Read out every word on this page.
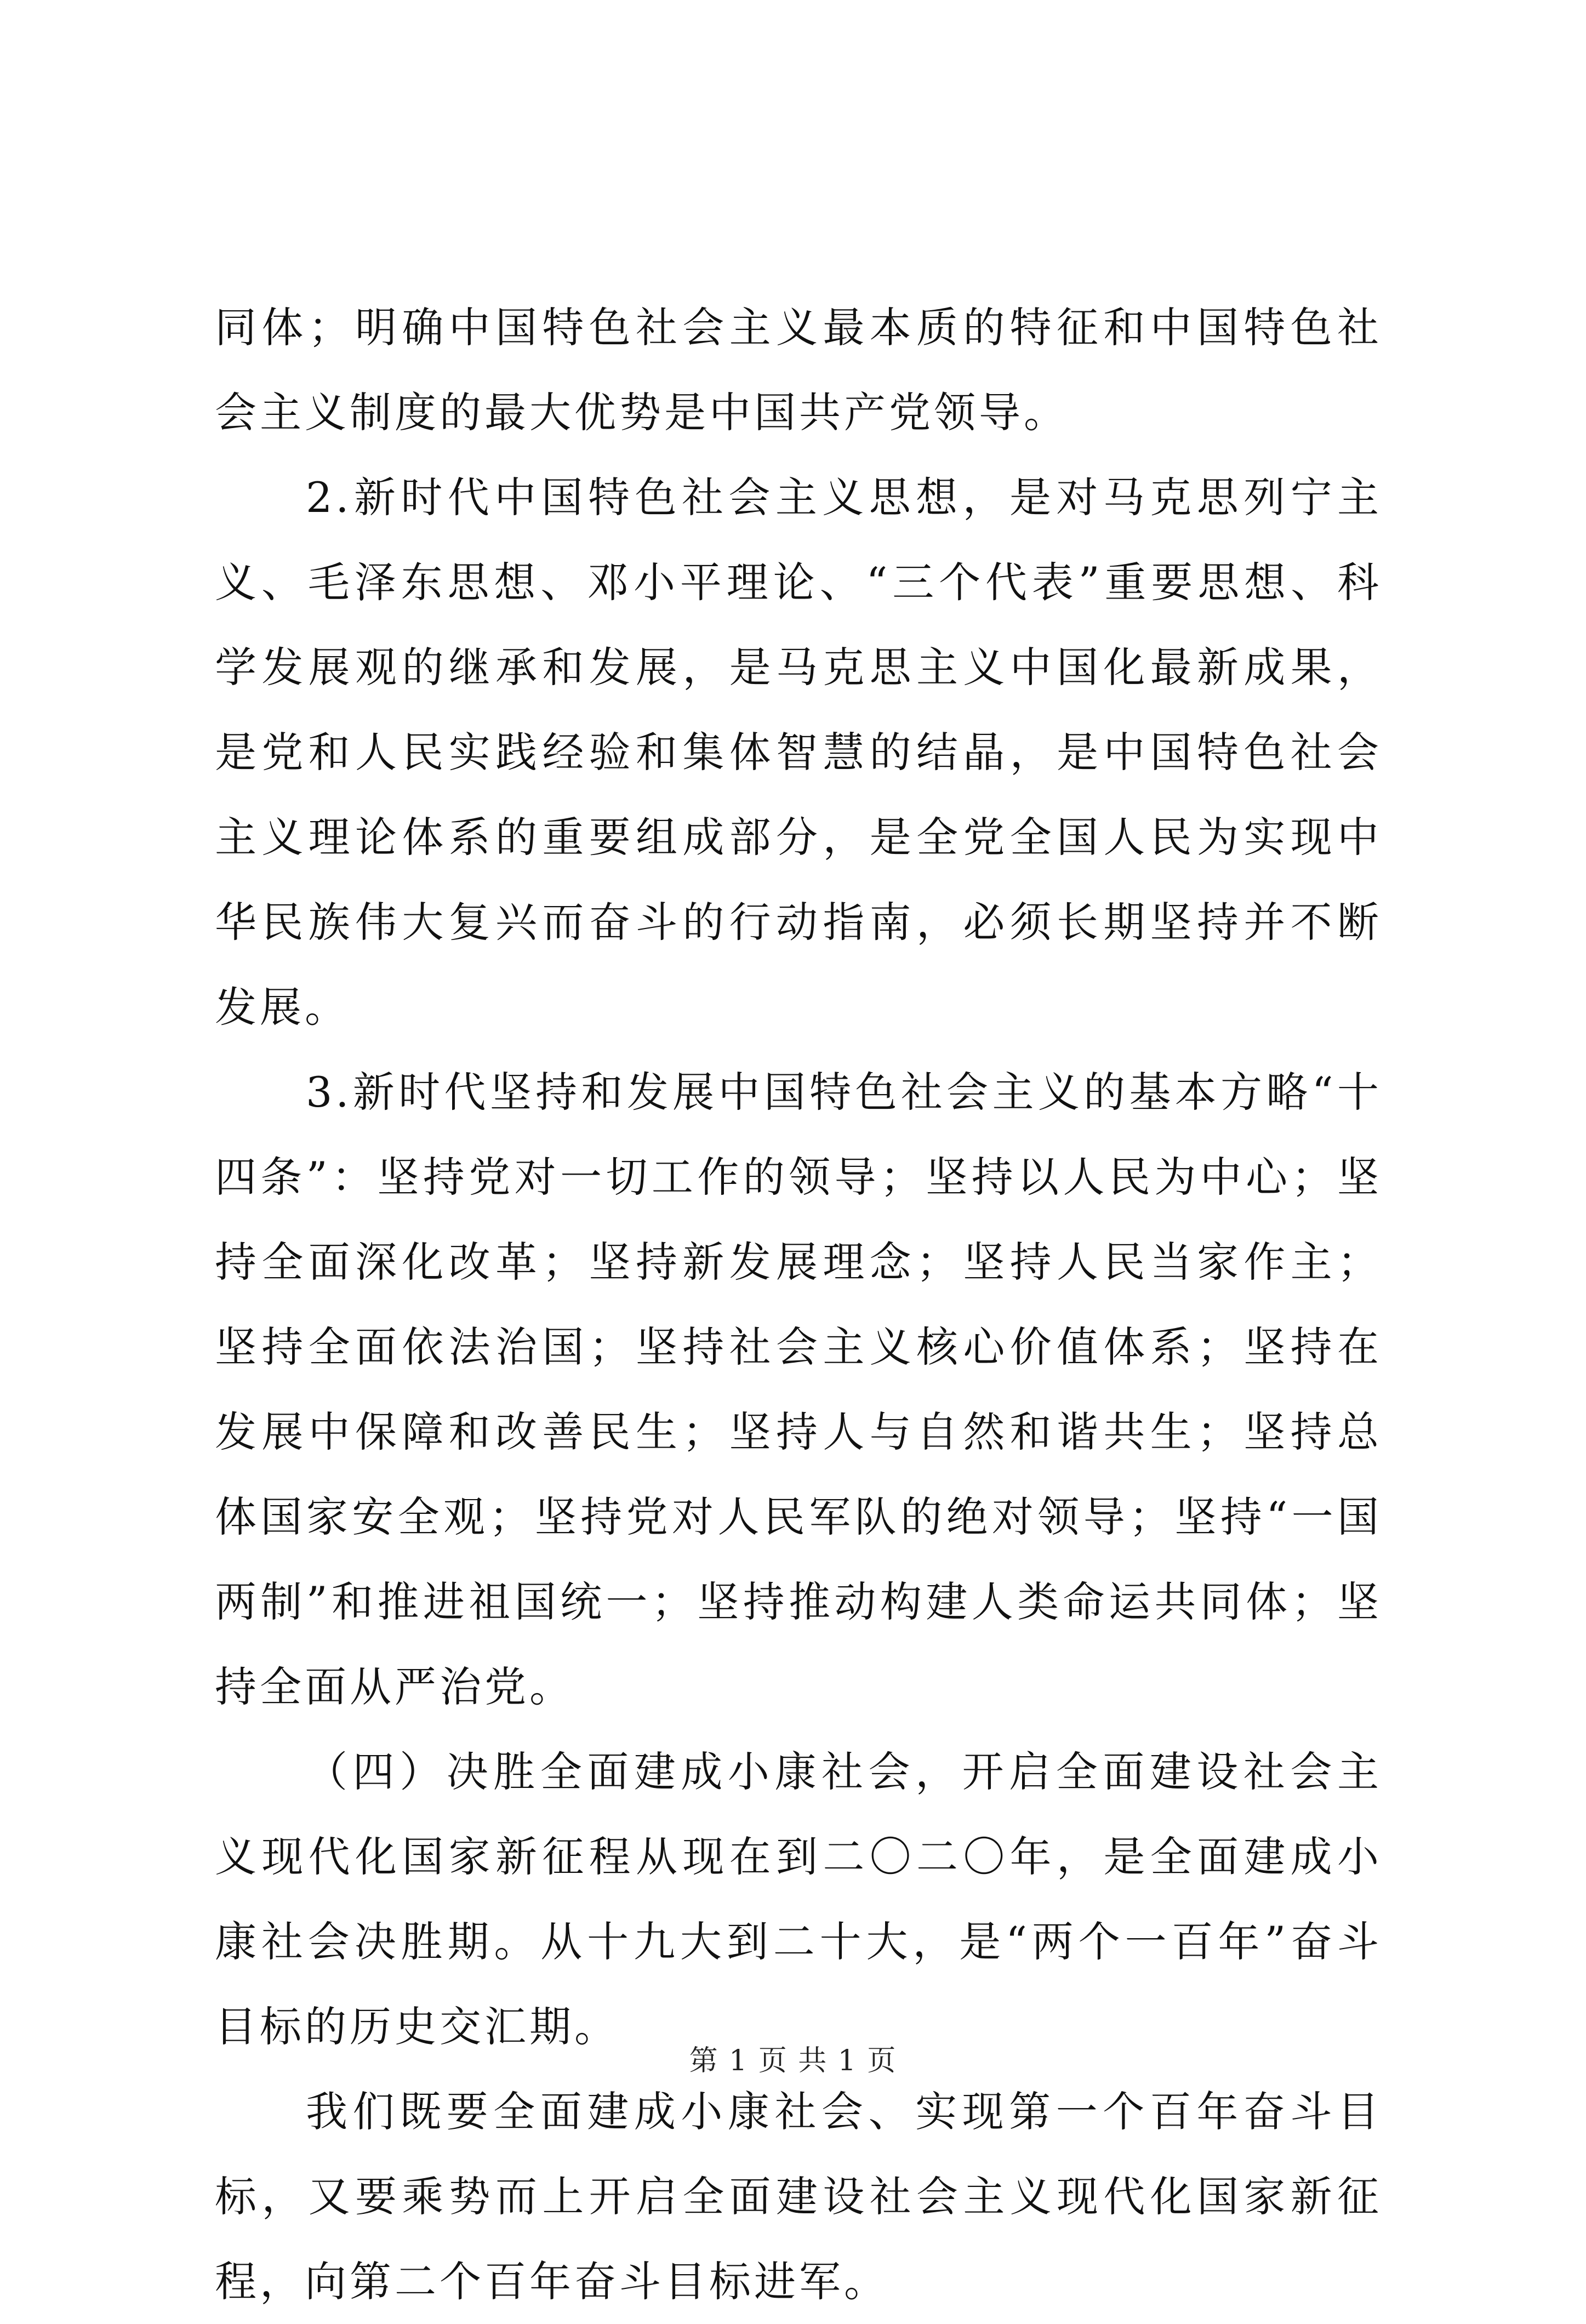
同体；明确中国特色社会主义最本质的特征和中国特色社会主义制度的最大优势是中国共产党领导。

2.新时代中国特色社会主义思想，是对马克思列宁主义、毛泽东思想、邓小平理论、“三个代表”重要思想、科学发展观的继承和发展，是马克思主义中国化最新成果，是党和人民实践经验和集体智慧的结晶，是中国特色社会主义理论体系的重要组成部分，是全党全国人民为实现中华民族伟大复兴而奋斗的行动指南，必须长期坚持并不断发展。

3.新时代坚持和发展中国特色社会主义的基本方略“十四条”：坚持党对一切工作的领导；坚持以人民为中心；坚持全面深化改革；坚持新发展理念；坚持人民当家作主；坚持全面依法治国；坚持社会主义核心价值体系；坚持在发展中保障和改善民生；坚持人与自然和谐共生；坚持总体国家安全观；坚持党对人民军队的绝对领导；坚持“一国两制”和推进祖国统一；坚持推动构建人类命运共同体；坚持全面从严治党。

（四）决胜全面建成小康社会，开启全面建设社会主义现代化国家新征程从现在到二〇二〇年，是全面建成小康社会决胜期。从十九大到二十大，是“两个一百年”奋斗目标的历史交汇期。

我们既要全面建成小康社会、实现第一个百年奋斗目标，又要乘势而上开启全面建设社会主义现代化国家新征程，向第二个百年奋斗目标进军。

第 1 页 共 1 页
